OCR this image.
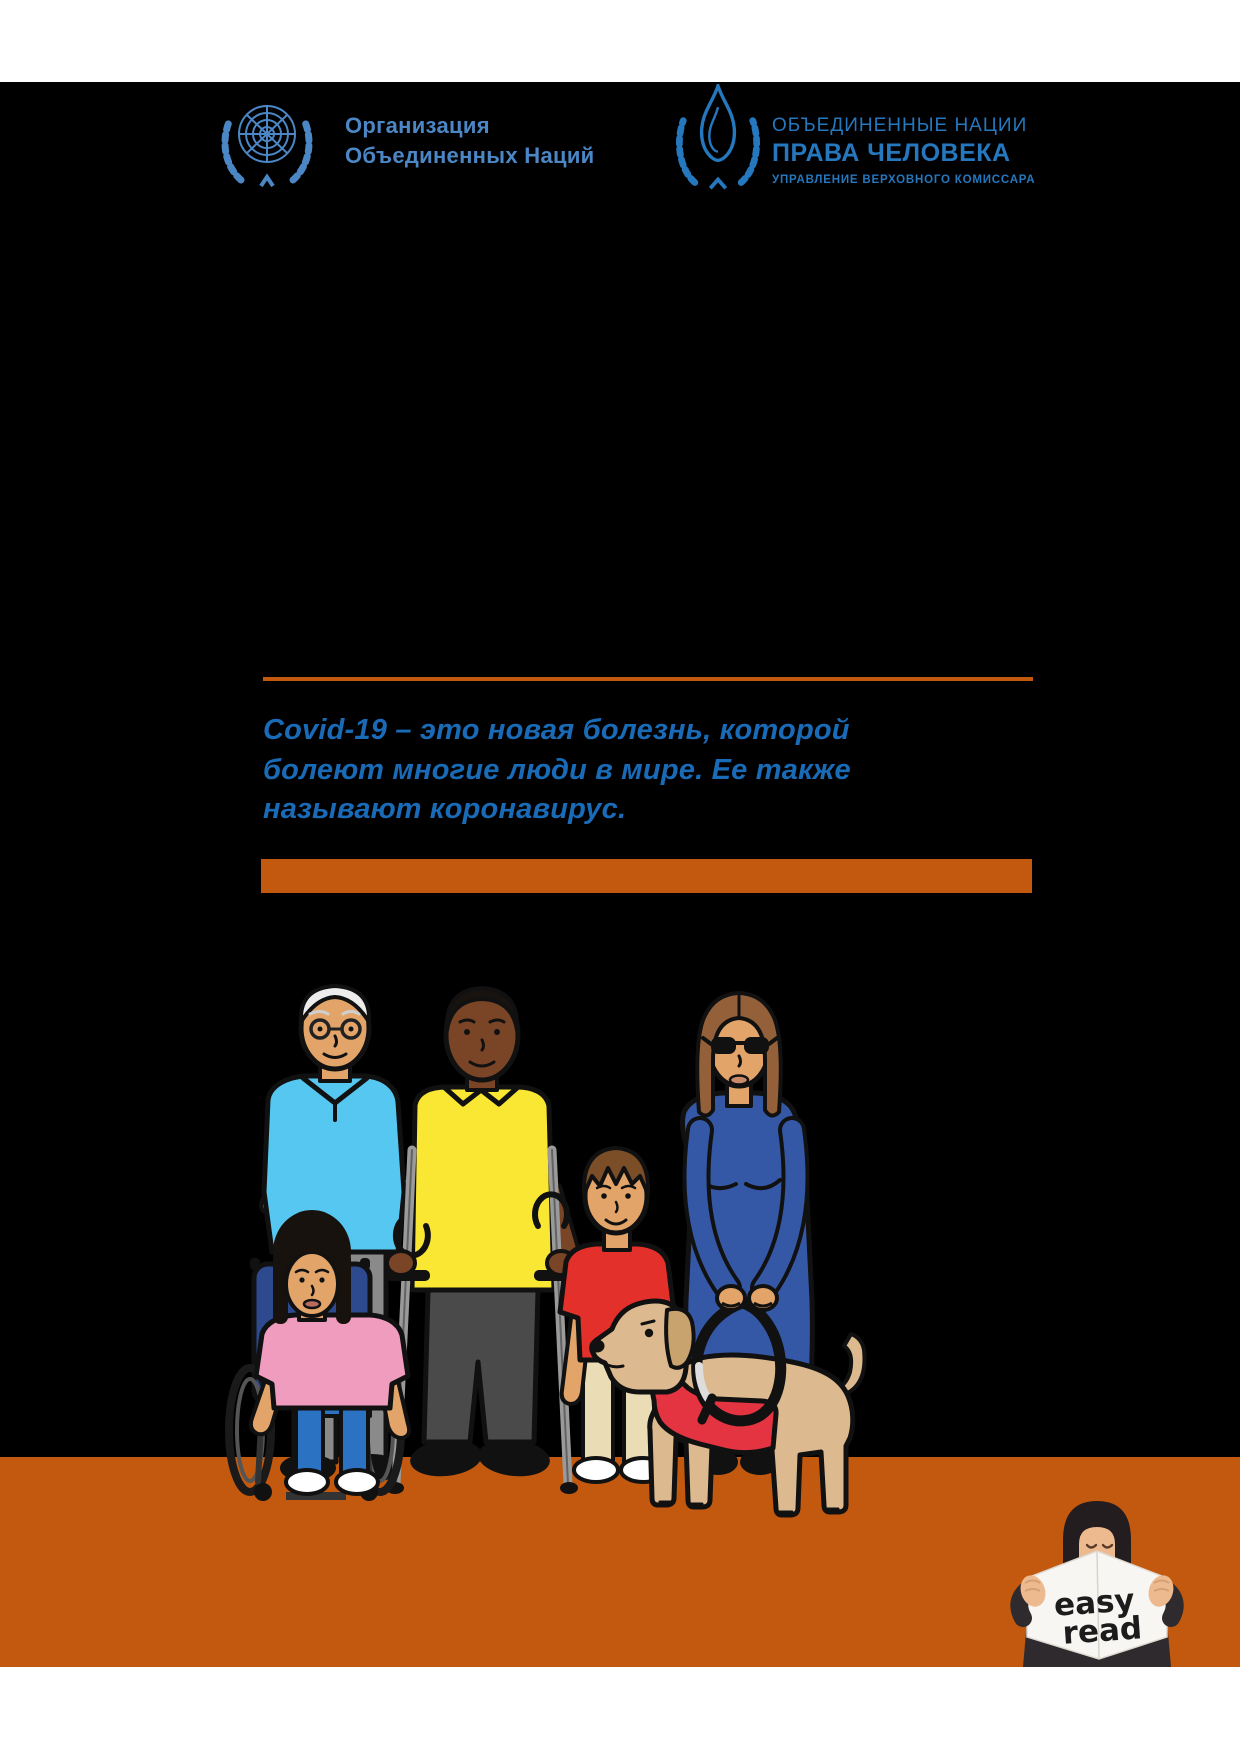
Организация
Объединенных Наций
ОБЪЕДИНЕННЫЕ НАЦИИ
ПРАВА ЧЕЛОВЕКА
УПРАВЛЕНИЕ ВЕРХОВНОГО КОМИССАРА
Covid-19 – это новая болезнь, которой
болеют многие люди в мире. Ее также
называют коронавирус.
easy
read
